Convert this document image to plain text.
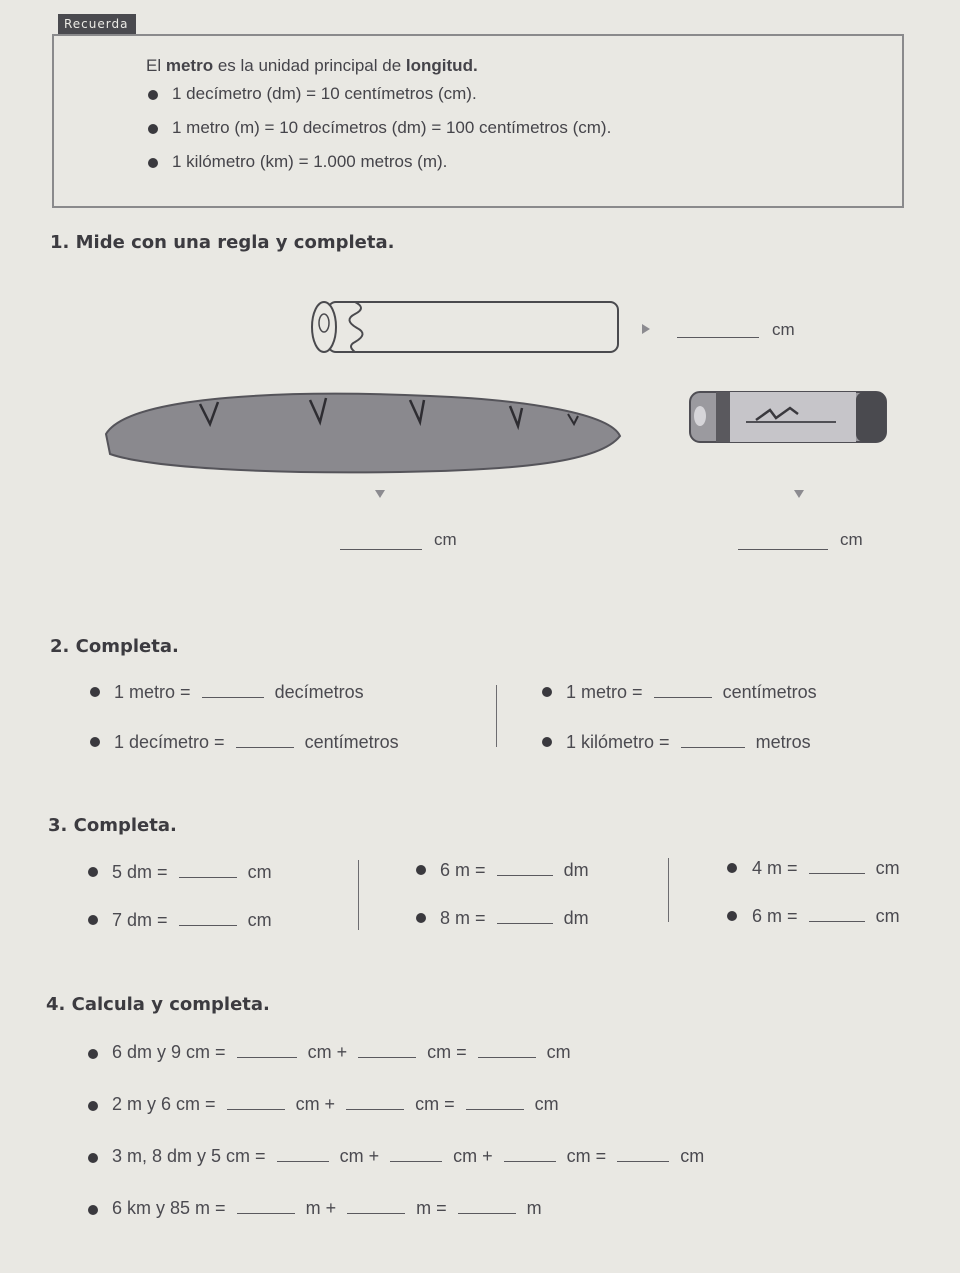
Recuerda
El metro es la unidad principal de longitud.
1 decímetro (dm) = 10 centímetros (cm).
1 metro (m) = 10 decímetros (dm) = 100 centímetros (cm).
1 kilómetro (km) = 1.000 metros (m).
1. Mide con una regla y completa.
cm
cm	cm
2. Completa.
1 metro =	decímetros
1 decímetro =	centímetros
1 metro =	centímetros
1 kilómetro =	metros
3. Completa.
5 dm =	cm
7 dm =	cm
6 m =	dm
8 m =	dm
4 m =	cm
6 m =	cm
4. Calcula y completa.
6 dm y 9 cm =	cm +	cm =	cm
2 m y 6 cm =	cm +	cm =	cm
3 m, 8 dm y 5 cm =	cm +	cm +	cm =	cm
6 km y 85 m =	m +	m =	m
